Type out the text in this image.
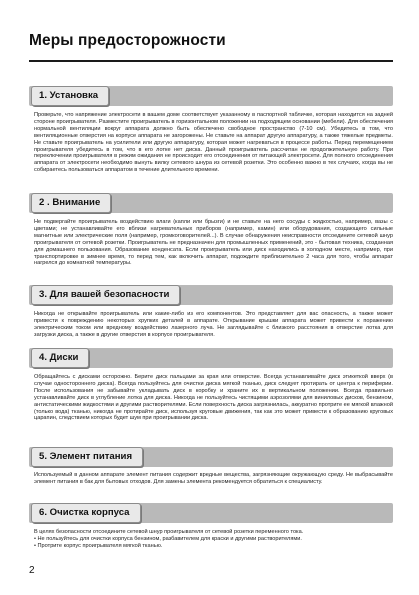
Меры предосторожности
1. Установка

Проверьте, что напряжение электросети в вашем доме соответствует указанному в паспортной табличке, которая находится на задней стороне проигрывателя. Разместите проигрыватель в горизонтальном положении на подходящем основании (мебели). Для обеспечения нормальной вентиляции вокруг аппарата должно быть обеспечено свободное пространство (7-10 см). Убедитесь в том, что вентиляционные отверстия на корпусе аппарата не загорожены. Не ставьте на аппарат другую аппаратуру, а также тяжелые предметы. Не ставьте проигрыватель на усилители или другую аппаратуру, которая может нагреваться в процессе работы. Перед перемещением проигрывателя убедитесь в том, что в его лотке нет диска. Данный проигрыватель рассчитан не продолжительную работу. При переключении проигрывателя в режим ожидания не происходит его отсоединения от питающей электросети. Для полного отсоединения аппарата от электросети необходимо вынуть вилку сетевого шнура из сетевой розетки. Это особенно важно в тех случаях, когда вы не собираетесь пользоваться аппаратом в течение длительного времени.

2 . Внимание

Не подвергайте проигрыватель воздействию влаги (капли или брызги) и не ставьте на него сосуды с жидкостью, например, вазы с цветами; не устанавливайте его вблизи нагревательных приборов (например, камин) или оборудования, создающего сильные магнитные или электрические поля (например, громкоговорителей...). В случае обнаружения неисправности отсоедините сетевой шнур проигрывателя от сетевой розетки. Проигрыватель не предназначен для промышленных применений, это - бытовая техника, созданная для домашнего пользования. Образование конденсата. Если проигрыватель или диск находились в холодном месте, например, при транспортировке в зимнее время, то перед тем, как включить аппарат, подождите приблизительно 2 часа для того, чтобы аппарат нагрелся до комнатной температуры.

3. Для вашей безопасности

Никогда не открывайте проигрыватель или какие-либо из его компонентов. Это представляет для вас опасность, а также может привести к повреждению некоторых хрупких деталей в аппарате. Открывание крышки аппарата может привести к поражению электрическим током или вредному воздействию лазерного луча. Не заглядывайте с близкого расстояния в отверстие лотка для загрузки диска, а также в другие отверстия в корпусе проигрывателя.

4. Диски

Обращайтесь с дисками осторожно. Берите диск пальцами за края или отверстие. Всегда устанавливайте диск этикеткой вверх (в случае одностороннего диска). Всегда пользуйтесь для очистки диска мягкой тканью, диск следует протирать от центра к периферии. После использования не забывайте укладывать диск в коробку и храните их в вертикальном положении. Всегда правильно устанавливайте диск в углубление лотка для диска. Никогда не пользуйтесь чистящими аэрозолями для виниловых дисков, бензином, антистатическими жидкостями и другими растворителями. Если поверхность диска загрязнилась, аккуратно протрите ее мягкой влажной (только вода) тканью, никогда не протирайте диск, используя круговые движения, так как это может привести к образованию круговых царапин, следствием которых будет шум при проигрывании диска.

5. Элемент питания

Используемый в данном аппарате элемент питания содержит вредные вещества, загрязняющие окружающую среду. Не выбрасывайте элемент питания в бак для бытовых отходов. Для замены элемента рекомендуется обратиться к специалисту.

6. Очистка корпуса

В целях безопасности отсоедините сетевой шнур проигрывателя от сетевой розетки переменного тока.

• Не пользуйтесь для очистки корпуса бензином, разбавителем для краски и другими растворителями.

• Протрите корпус проигрывателя мягкой тканью.

2
